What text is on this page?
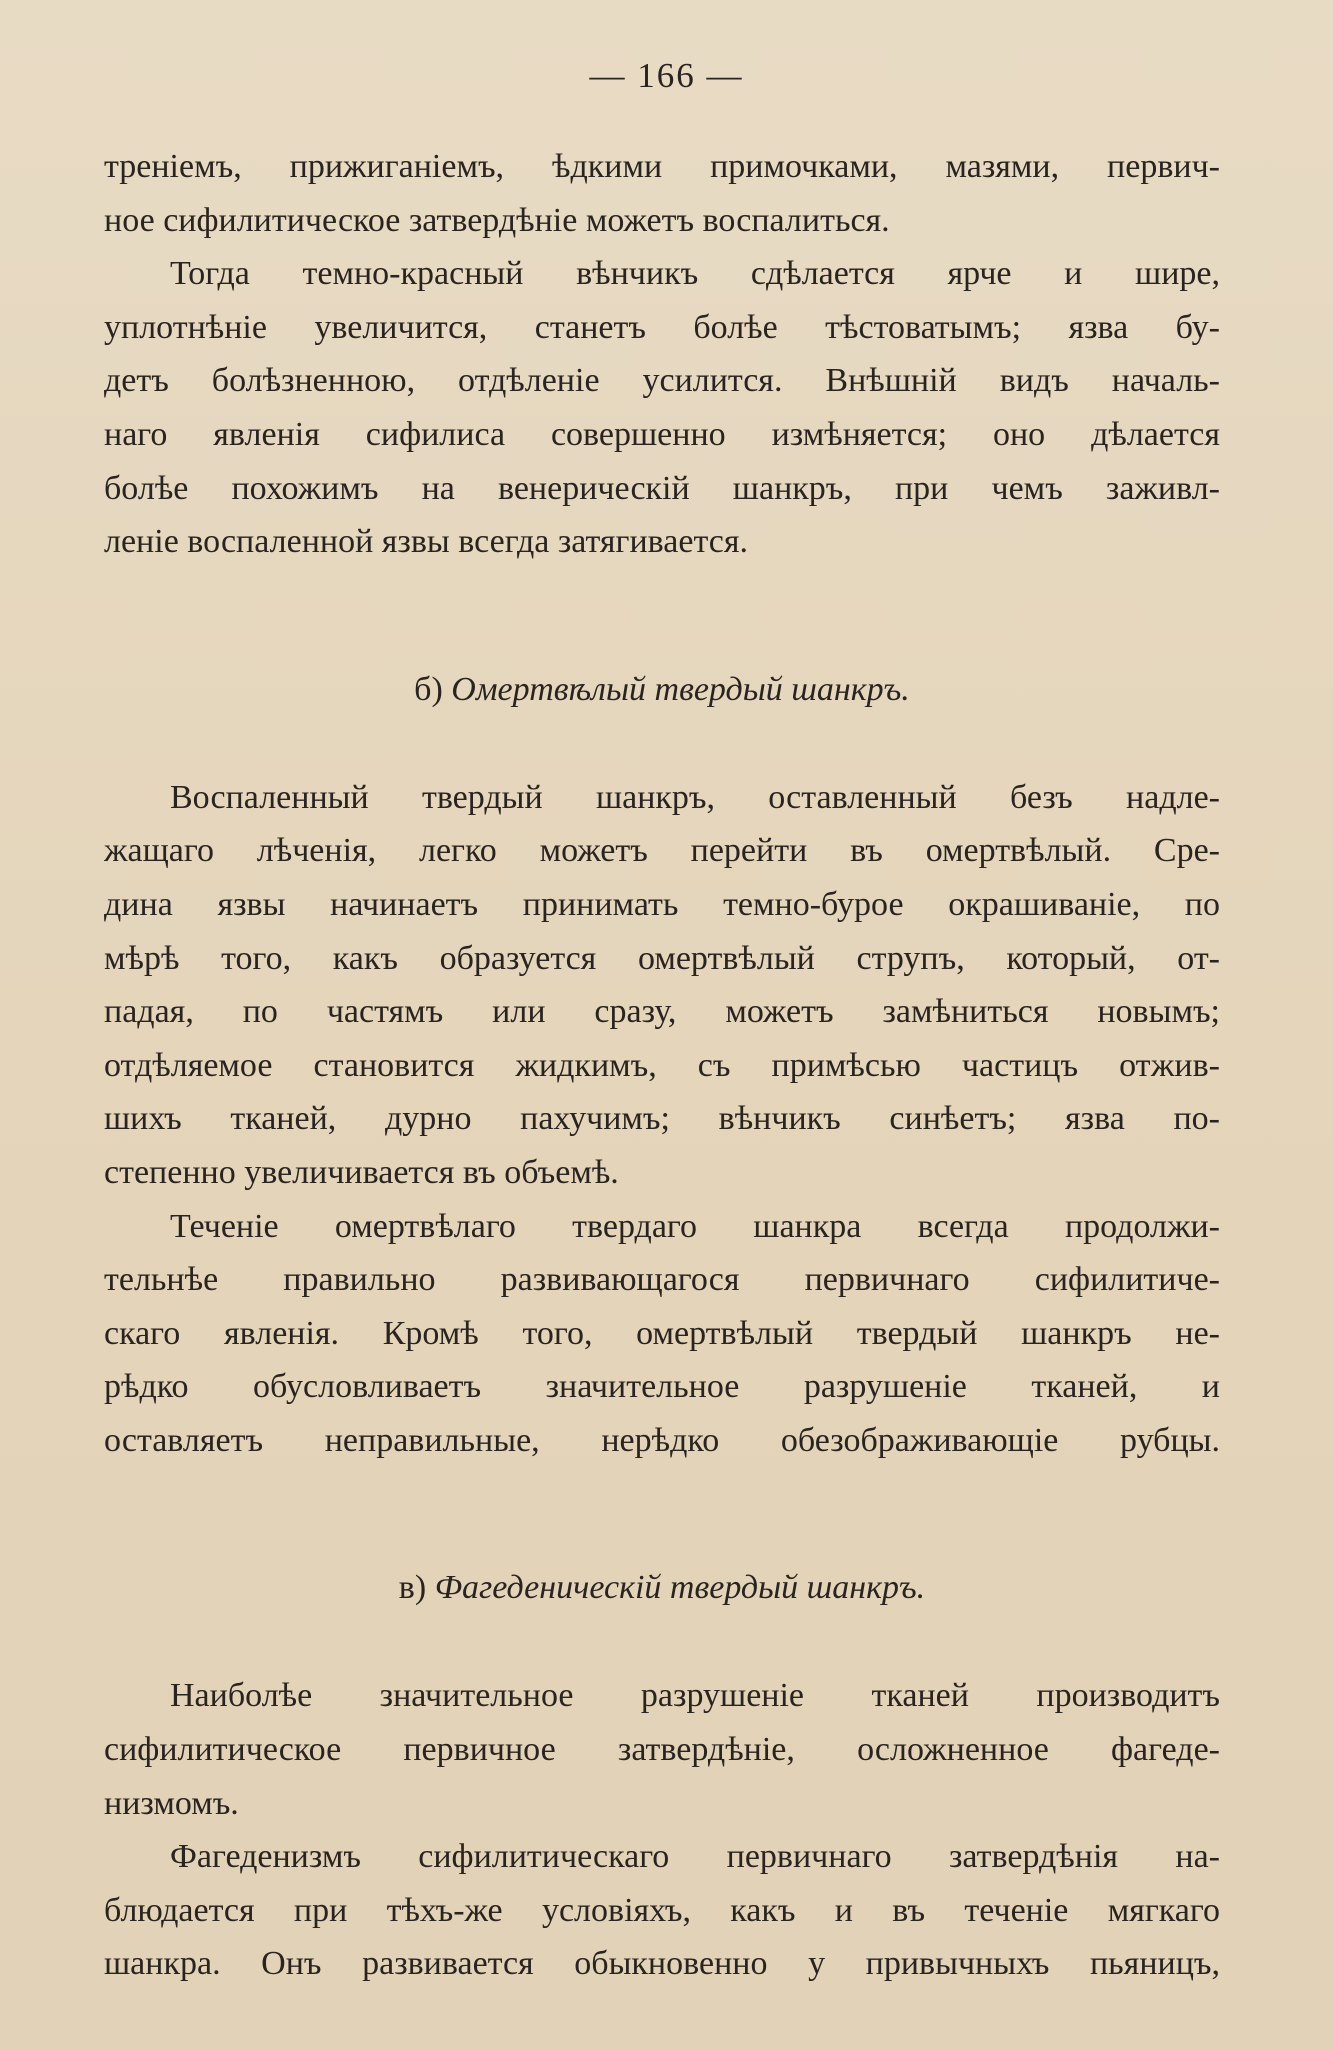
— 166 —
треніемъ, прижиганіемъ, ѣдкими примочками, мазями, первич-
ное сифилитическое затвердѣніе можетъ воспалиться.
Тогда темно-красный вѣнчикъ сдѣлается ярче и шире,
уплотнѣніе увеличится, станетъ болѣе тѣстоватымъ; язва бу-
детъ болѣзненною, отдѣленіе усилится. Внѣшній видъ началь-
наго явленія сифилиса совершенно измѣняется; оно дѣлается
болѣе похожимъ на венерическій шанкръ, при чемъ заживл-
леніе воспаленной язвы всегда затягивается.
б) Омертвѣлый твердый шанкръ.
Воспаленный твердый шанкръ, оставленный безъ надле-
жащаго лѣченія, легко можетъ перейти въ омертвѣлый. Сре-
дина язвы начинаетъ принимать темно-бурое окрашиваніе, по
мѣрѣ того, какъ образуется омертвѣлый струпъ, который, от-
падая, по частямъ или сразу, можетъ замѣниться новымъ;
отдѣляемое становится жидкимъ, съ примѣсью частицъ отжив-
шихъ тканей, дурно пахучимъ; вѣнчикъ синѣетъ; язва по-
степенно увеличивается въ объемѣ.
Теченіе омертвѣлаго твердаго шанкра всегда продолжи-
тельнѣе правильно развивающагося первичнаго сифилитиче-
скаго явленія. Кромѣ того, омертвѣлый твердый шанкръ не-
рѣдко обусловливаетъ значительное разрушеніе тканей, и
оставляетъ неправильные, нерѣдко обезображивающіе рубцы.
в) Фагеденическій твердый шанкръ.
Наиболѣе значительное разрушеніе тканей производитъ
сифилитическое первичное затвердѣніе, осложненное фагеде-
низмомъ.
Фагеденизмъ сифилитическаго первичнаго затвердѣнія на-
блюдается при тѣхъ-же условіяхъ, какъ и въ теченіе мягкаго
шанкра. Онъ развивается обыкновенно у привычныхъ пьяницъ,
